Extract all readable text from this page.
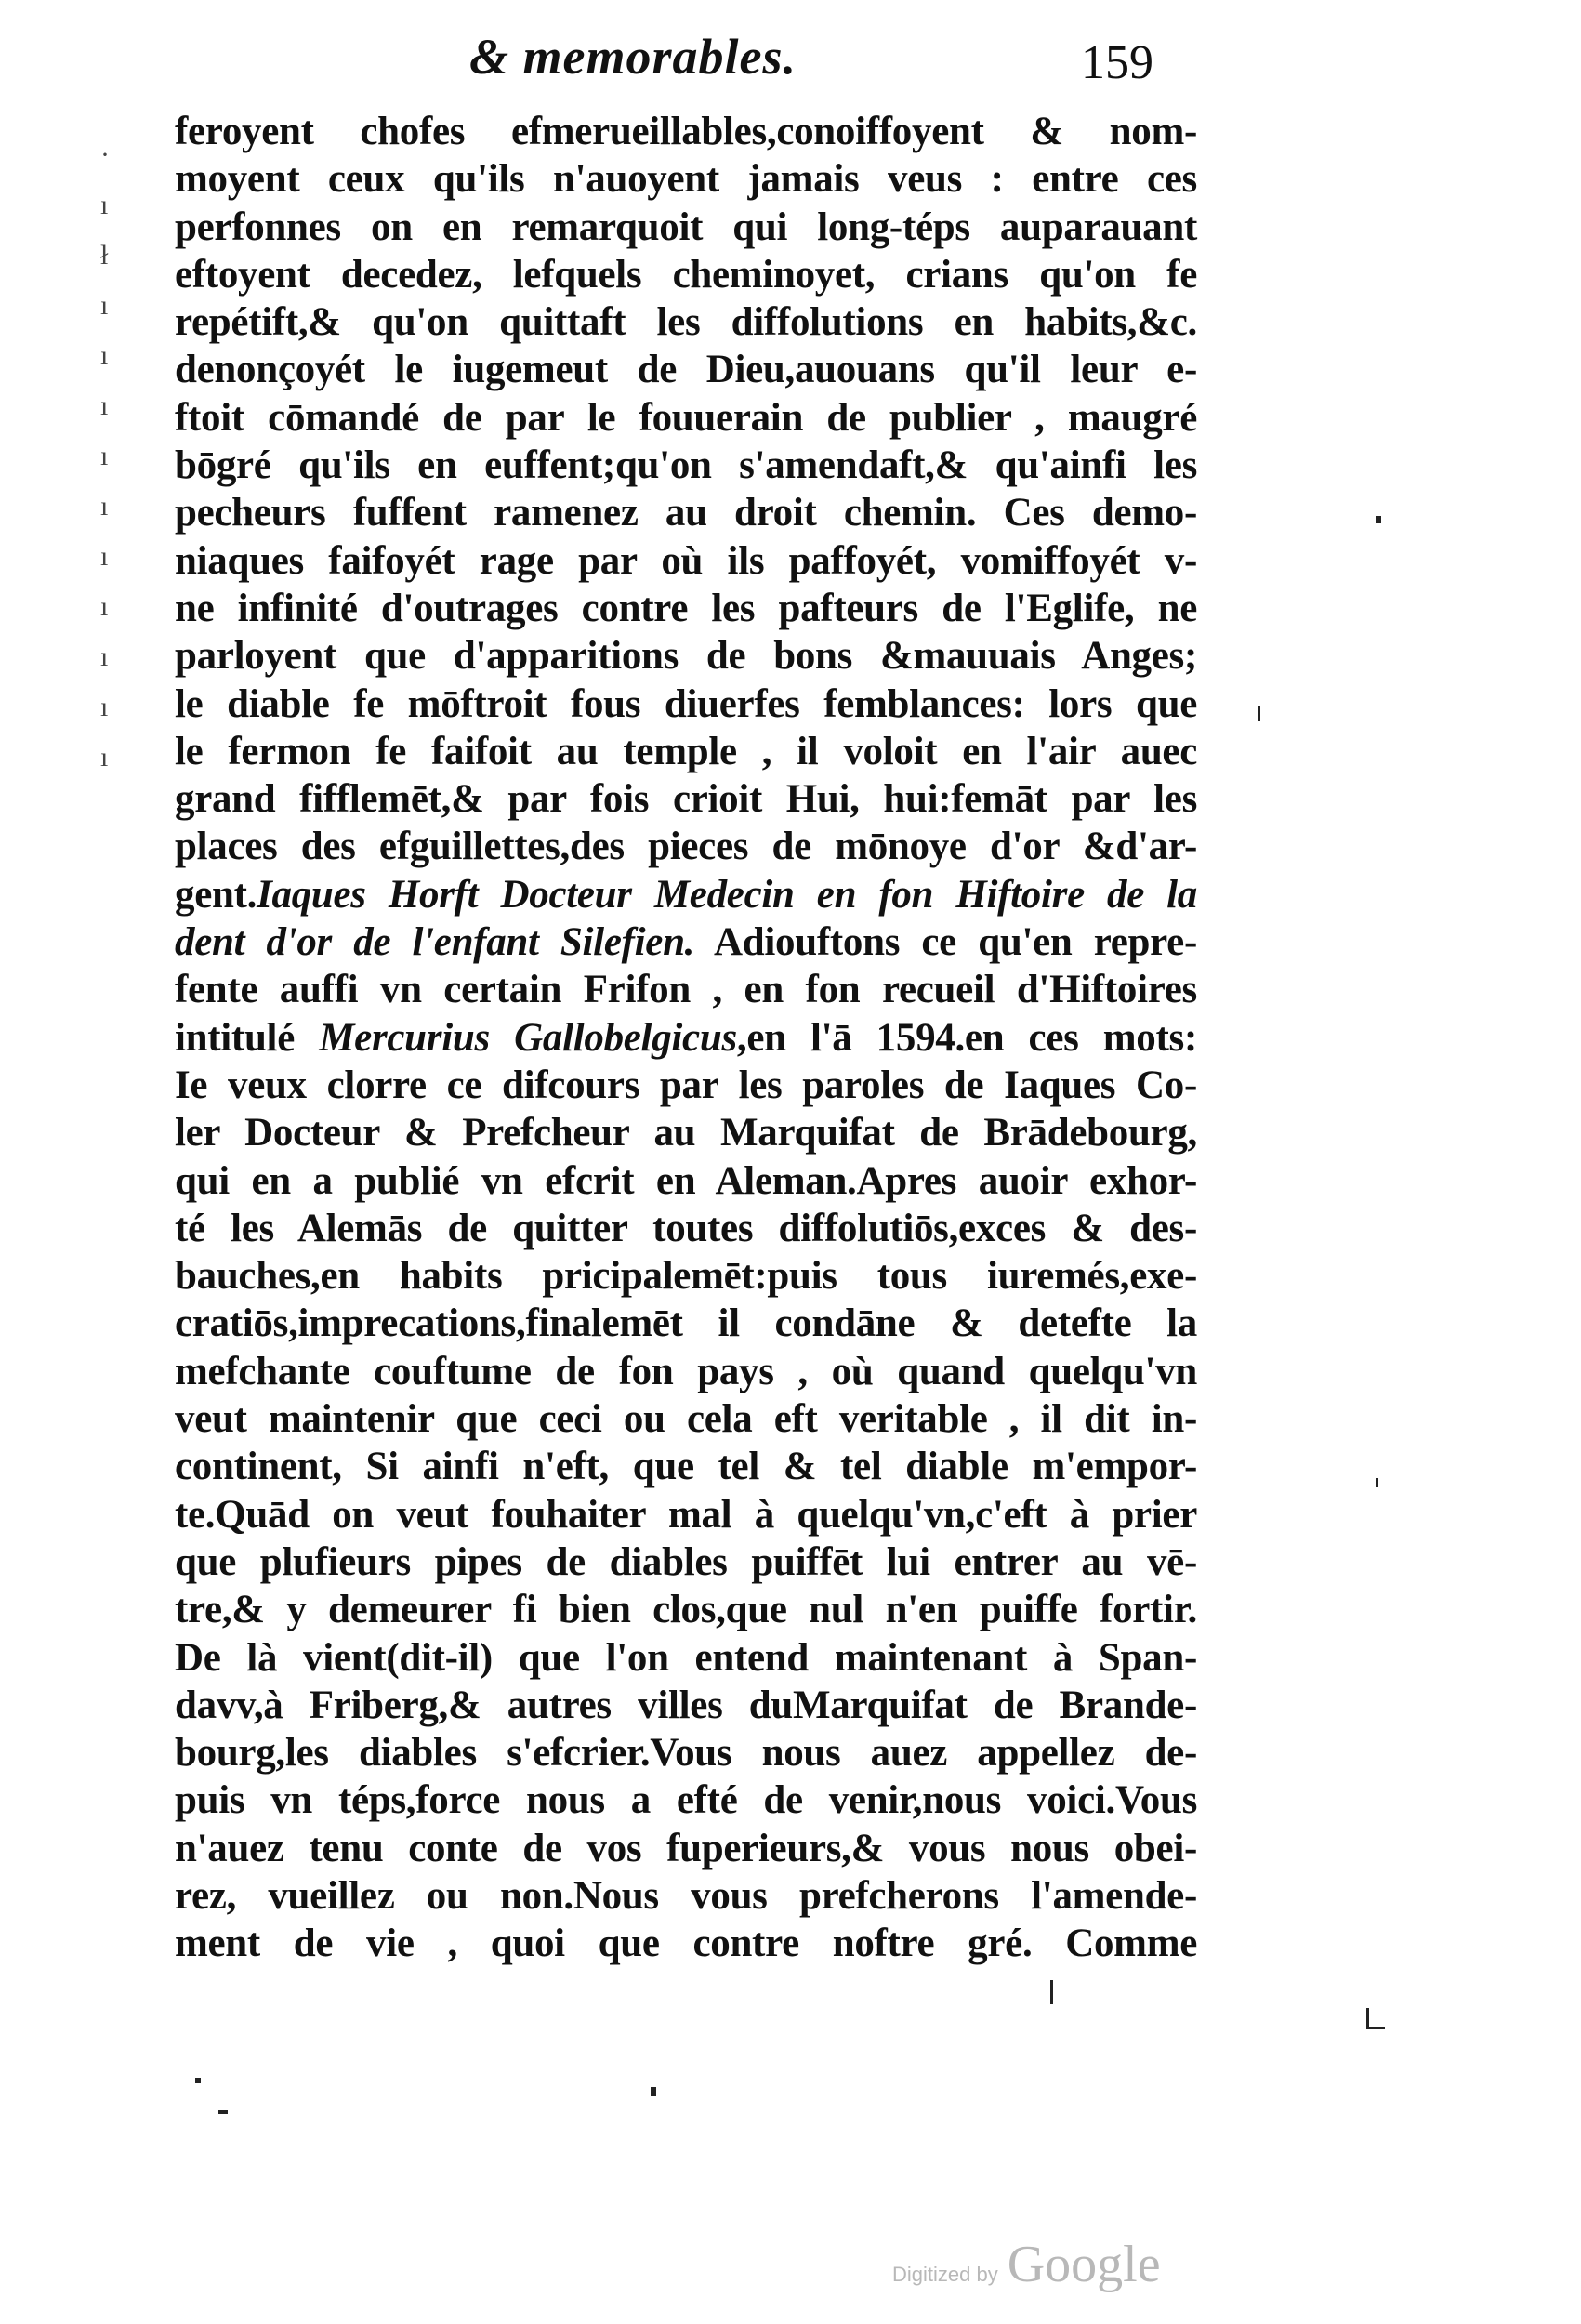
& memorables.	159
·
ı
ł
ı
ı
ı
ı
ı
ı
ı
ı
ı
ı
feroyent chofes efmerueillables,conoiffoyent & nom-
moyent ceux qu'ils n'auoyent jamais veus : entre ces
perfonnes on en remarquoit qui long-téps auparauant
eftoyent decedez, lefquels cheminoyet, crians qu'on fe
repétift,& qu'on quittaft les diffolutions en habits,&c.
denonçoyét le iugemeut de Dieu,auouans qu'il leur e-
ftoit cōmandé de par le fouuerain de publier , maugré
bōgré qu'ils en euffent;qu'on s'amendaft,& qu'ainfi les
pecheurs fuffent ramenez au droit chemin. Ces demo-
niaques faifoyét rage par où ils paffoyét, vomiffoyét v-
ne infinité d'outrages contre les pafteurs de l'Eglife, ne
parloyent que d'apparitions de bons &mauuais Anges;
le diable fe mōftroit fous diuerfes femblances: lors que
le fermon fe faifoit au temple , il voloit en l'air auec
grand fifflemēt,& par fois crioit Hui, hui:femāt par les
places des efguillettes,des pieces de mōnoye d'or &d'ar-
gent.Iaques Horft Docteur Medecin en fon Hiftoire de la
dent d'or de l'enfant Silefien. Adiouftons ce qu'en repre-
fente auffi vn certain Frifon , en fon recueil d'Hiftoires
intitulé Mercurius Gallobelgicus,en l'ā 1594.en ces mots:
Ie veux clorre ce difcours par les paroles de Iaques Co-
ler Docteur & Prefcheur au Marquifat de Brādebourg,
qui en a publié vn efcrit en Aleman.Apres auoir exhor-
té les Alemās de quitter toutes diffolutiōs,exces & des-
bauches,en habits pricipalemēt:puis tous iuremés,exe-
cratiōs,imprecations,finalemēt il condāne & detefte la
mefchante couftume de fon pays , où quand quelqu'vn
veut maintenir que ceci ou cela eft veritable , il dit in-
continent, Si ainfi n'eft, que tel & tel diable m'empor-
te.Quād on veut fouhaiter mal à quelqu'vn,c'eft à prier
que plufieurs pipes de diables puiffēt lui entrer au vē-
tre,& y demeurer fi bien clos,que nul n'en puiffe fortir.
De là vient(dit-il) que l'on entend maintenant à Span-
davv,à Friberg,& autres villes duMarquifat de Brande-
bourg,les diables s'efcrier.Vous nous auez appellez de-
puis vn téps,force nous a efté de venir,nous voici.Vous
n'auez tenu conte de vos fuperieurs,& vous nous obei-
rez, vueillez ou non.Nous vous prefcherons l'amende-
ment de vie , quoi que contre noftre gré. Comme
Digitized by Google
